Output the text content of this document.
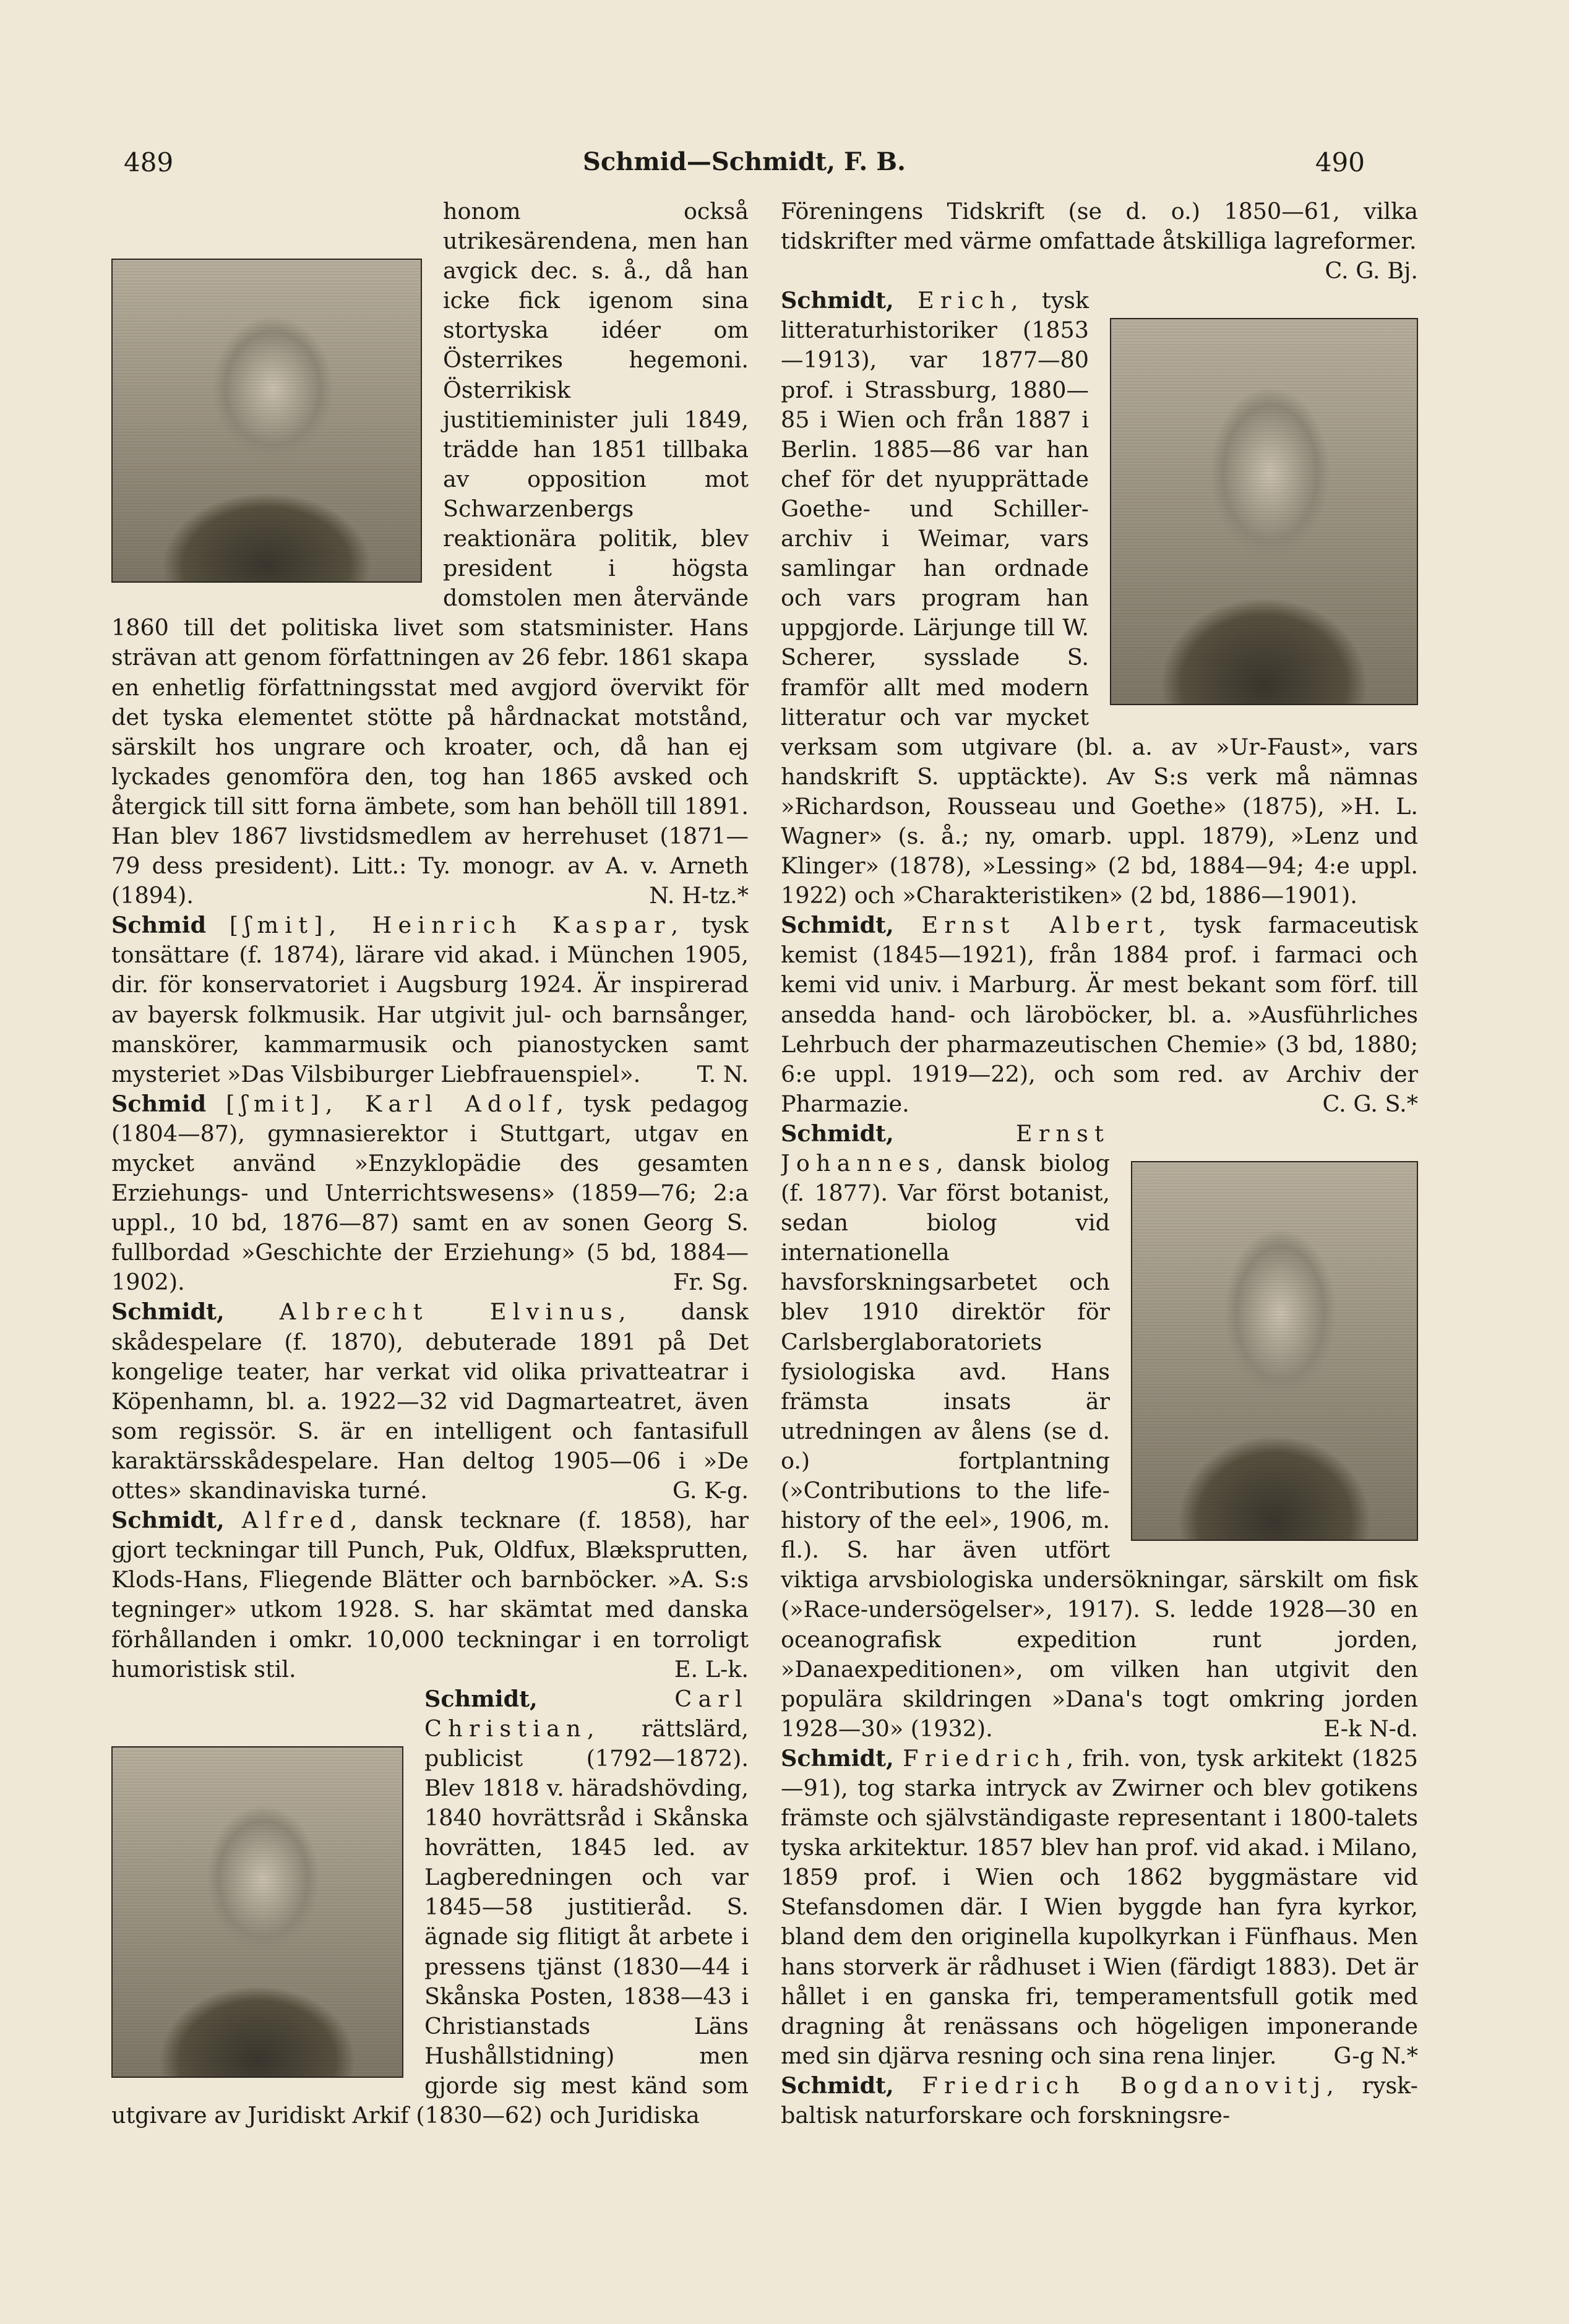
489	Schmid—Schmidt, F. B.	490

honom också utrikesärendena, men han avgick dec. s. å., då han icke fick igenom sina stortyska idéer om Österrikes hegemoni. Österrikisk justitieminister juli 1849, trädde han 1851 tillbaka av opposition mot Schwarzenbergs reaktionära politik, blev president i högsta domstolen men återvände 1860 till det politiska livet som statsminister. Hans strävan att genom författningen av 26 febr. 1861 skapa en enhetlig författningsstat med avgjord övervikt för det tyska elementet stötte på hårdnackat motstånd, särskilt hos ungrare och kroater, och, då han ej lyckades genomföra den, tog han 1865 avsked och återgick till sitt forna ämbete, som han behöll till 1891. Han blev 1867 livstidsmedlem av herrehuset (1871—79 dess president). Litt.: Ty. monogr. av A. v. Arneth (1894).	N. H-tz.*

Schmid [ʃmit], Heinrich Kaspar, tysk tonsättare (f. 1874), lärare vid akad. i München 1905, dir. för konservatoriet i Augsburg 1924. Är inspirerad av bayersk folkmusik. Har utgivit jul- och barnsånger, manskörer, kammarmusik och pianostycken samt mysteriet »Das Vilsbiburger Liebfrauenspiel».	T. N.

Schmid [ʃmit], Karl Adolf, tysk pedagog (1804—87), gymnasierektor i Stuttgart, utgav en mycket använd »Enzyklopädie des gesamten Erziehungs- und Unterrichtswesens» (1859—76; 2:a uppl., 10 bd, 1876—87) samt en av sonen Georg S. fullbordad »Geschichte der Erziehung» (5 bd, 1884—1902).	Fr. Sg.

Schmidt, Albrecht Elvinus, dansk skådespelare (f. 1870), debuterade 1891 på Det kongelige teater, har verkat vid olika privatteatrar i Köpenhamn, bl. a. 1922—32 vid Dagmarteatret, även som regissör. S. är en intelligent och fantasifull karaktärsskådespelare. Han deltog 1905—06 i »De ottes» skandinaviska turné.	G. K-g.

Schmidt, Alfred, dansk tecknare (f. 1858), har gjort teckningar till Punch, Puk, Oldfux, Blæksprutten, Klods-Hans, Fliegende Blätter och barnböcker. »A. S:s tegninger» utkom 1928. S. har skämtat med danska förhållanden i omkr. 10,000 teckningar i en torroligt humoristisk stil.	E. L-k.

Schmidt,	Carl Christian, rättslärd, publicist (1792—1872). Blev 1818 v. häradshövding, 1840 hovrättsråd i Skånska hovrätten, 1845 led. av Lagberedningen och var 1845—58 justitieråd. S. ägnade sig flitigt åt arbete i pressens tjänst (1830—44 i Skånska Posten, 1838—43 i Christianstads Läns Hushållstidning) men gjorde sig mest känd som utgivare av Juridiskt Arkif (1830—62) och Juridiska

Föreningens Tidskrift (se d. o.) 1850—61, vilka tidskrifter med värme omfattade åtskilliga lagreformer.
C. G. Bj.

Schmidt, Erich, tysk litteraturhistoriker (1853—1913), var 1877—80 prof. i Strassburg, 1880—85 i Wien och från 1887 i Berlin. 1885—86 var han chef för det nyupprättade Goethe- und Schiller-archiv i Weimar, vars samlingar han ordnade och vars program han uppgjorde. Lärjunge till W. Scherer, sysslade S. framför allt med modern litteratur och var mycket verksam som utgivare (bl. a. av »Ur-Faust», vars handskrift S. upptäckte). Av S:s verk må nämnas »Richardson, Rousseau und Goethe» (1875), »H. L. Wagner» (s. å.; ny, omarb. uppl. 1879), »Lenz und Klinger» (1878), »Lessing» (2 bd, 1884—94; 4:e uppl. 1922) och »Charakteristiken» (2 bd, 1886—1901).

Schmidt, Ernst Albert, tysk farmaceutisk kemist (1845—1921), från 1884 prof. i farmaci och kemi vid univ. i Marburg. Är mest bekant som förf. till ansedda hand- och läroböcker, bl. a. »Ausführliches Lehrbuch der pharmazeutischen Chemie» (3 bd, 1880; 6:e uppl. 1919—22), och som red. av Archiv der Pharmazie.	C. G. S.*

Schmidt,	Ernst Johannes, dansk biolog (f. 1877). Var först botanist, sedan biolog vid internationella havsforskningsarbetet och blev 1910 direktör för Carlsberglaboratoriets fysiologiska avd. Hans främsta insats är utredningen av ålens (se d. o.) fortplantning (»Contributions to the life-history of the eel», 1906, m. fl.). S. har även utfört viktiga arvsbiologiska undersökningar, särskilt om fisk (»Race-undersögelser», 1917). S. ledde 1928—30 en oceanografisk expedition runt jorden, »Danaexpeditionen», om vilken han utgivit den populära skildringen »Dana's togt omkring jorden 1928—30» (1932).	E-k N-d.

Schmidt, Friedrich, frih. von, tysk arkitekt (1825—91), tog starka intryck av Zwirner och blev gotikens främste och självständigaste representant i 1800-talets tyska arkitektur. 1857 blev han prof. vid akad. i Milano, 1859 prof. i Wien och 1862 byggmästare vid Stefansdomen där. I Wien byggde han fyra kyrkor, bland dem den originella kupolkyrkan i Fünfhaus. Men hans storverk är rådhuset i Wien (färdigt 1883). Det är hållet i en ganska fri, temperamentsfull gotik med dragning åt renässans och högeligen imponerande med sin djärva resning och sina rena linjer.	G-g N.*

Schmidt, Friedrich Bogdanovitj, rysk-baltisk naturforskare och forskningsre-
